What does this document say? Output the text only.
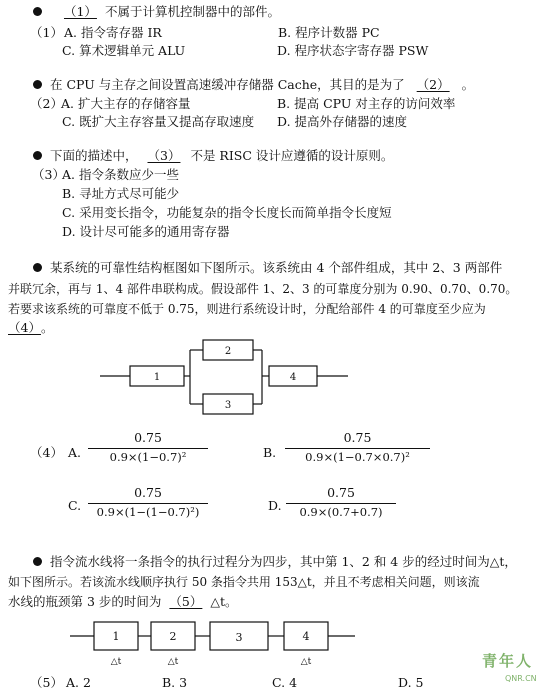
（1） 不属于计算机控制器中的部件。
（1） A. 指令寄存器 IR	B. 程序计数器 PC
C. 算术逻辑单元 ALU	D. 程序状态字寄存器 PSW
在 CPU 与主存之间设置高速缓冲存储器 Cache，其目的是为了 （2） 。
（2）
A. 扩大主存的存储容量	B. 提高 CPU 对主存的访问效率
C. 既扩大主存容量又提高存取速度 D. 提高外存储器的速度
下面的描述中， （3） 不是 RISC 设计应遵循的设计原则。
（3）
A. 指令条数应少一些
B. 寻址方式尽可能少
C. 采用变长指令，功能复杂的指令长度长而简单指令长度短
D. 设计尽可能多的通用寄存器
某系统的可靠性结构框图如下图所示。该系统由 4 个部件组成，其中 2、3 两部件
并联冗余，再与 1、4 部件串联构成。假设部件 1、2、3 的可靠度分别为 0.90、0.70、0.70。
若要求该系统的可靠度不低于 0.75，则进行系统设计时，分配给部件 4 的可靠度至少应为
（4）。
1
2
3
4
（4） A.
0.75
0.9×(1−0.7)²	B.
0.75
0.9×(1−0.7×0.7)²
C.
0.75
0.9×(1−(1−0.7)²)	D.
0.75
0.9×(0.7+0.7)
指令流水线将一条指令的执行过程分为四步，其中第 1、2 和 4 步的经过时间为△t，
如下图所示。若该流水线顺序执行 50 条指令共用 153△t，并且不考虑相关问题，则该流
水线的瓶颈第 3 步的时间为 （5） △t。
1	2	3	4
△t	△t	△t
（5） A. 2	B. 3	C. 4	D. 5
青年人
QNR.CN
